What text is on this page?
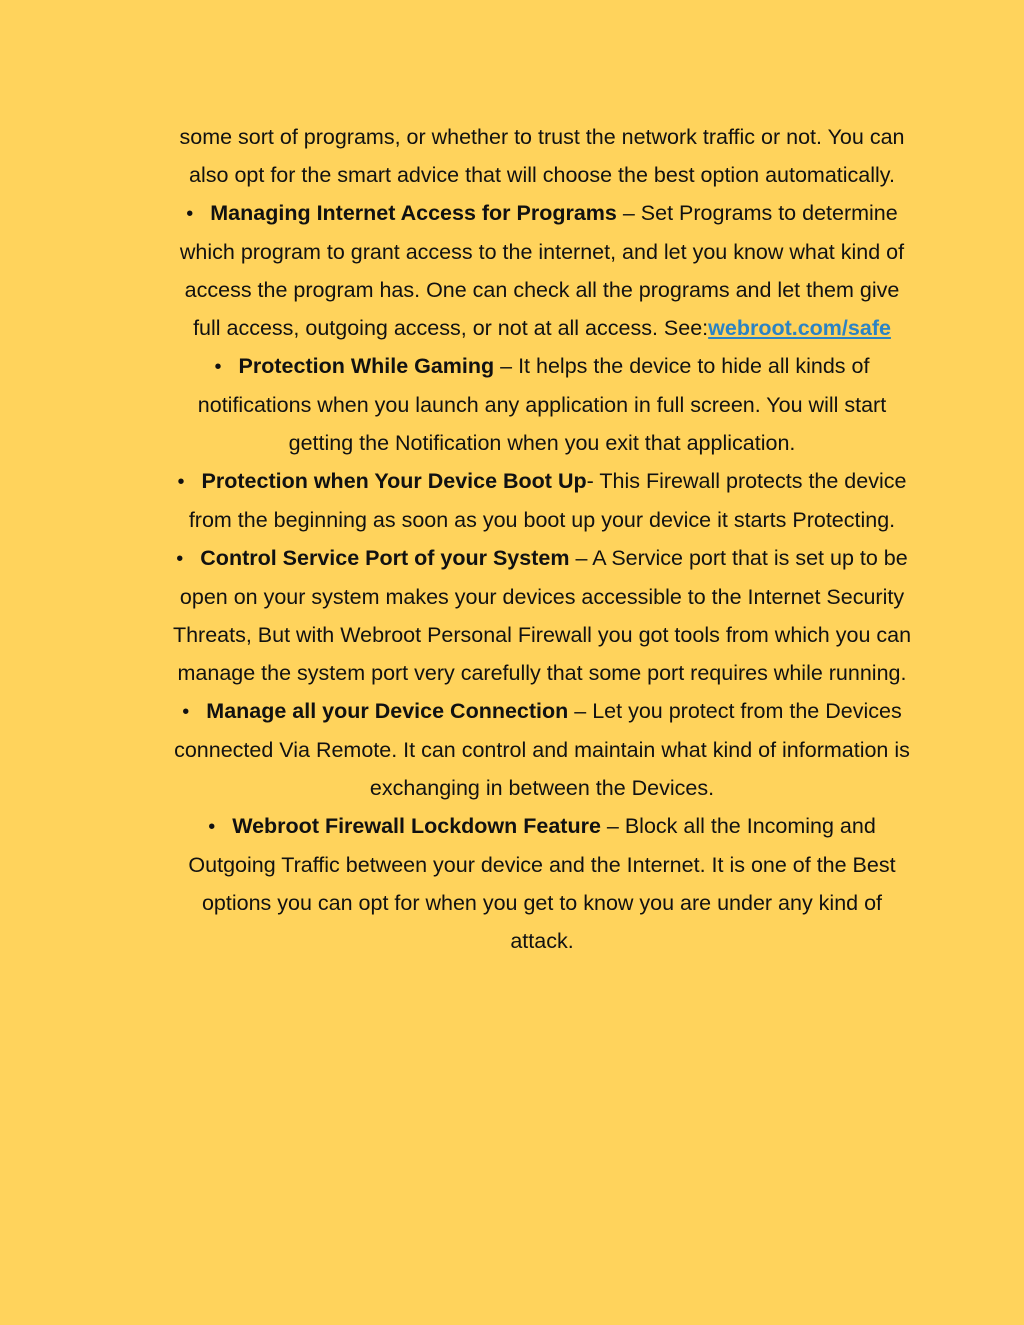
some sort of programs, or whether to trust the network traffic or not. You can also opt for the smart advice that will choose the best option automatically.

•Managing Internet Access for Programs – Set Programs to determine which program to grant access to the internet, and let you know what kind of access the program has. One can check all the programs and let them give full access, outgoing access, or not at all access. See:webroot.com/safe

•Protection While Gaming – It helps the device to hide all kinds of notifications when you launch any application in full screen. You will start getting the Notification when you exit that application.

•Protection when Your Device Boot Up- This Firewall protects the device from the beginning as soon as you boot up your device it starts Protecting.

•Control Service Port of your System – A Service port that is set up to be open on your system makes your devices accessible to the Internet Security Threats, But with Webroot Personal Firewall you got tools from which you can manage the system port very carefully that some port requires while running.

•Manage all your Device Connection – Let you protect from the Devices connected Via Remote. It can control and maintain what kind of information is exchanging in between the Devices.

•Webroot Firewall Lockdown Feature – Block all the Incoming and Outgoing Traffic between your device and the Internet. It is one of the Best options you can opt for when you get to know you are under any kind of attack.
